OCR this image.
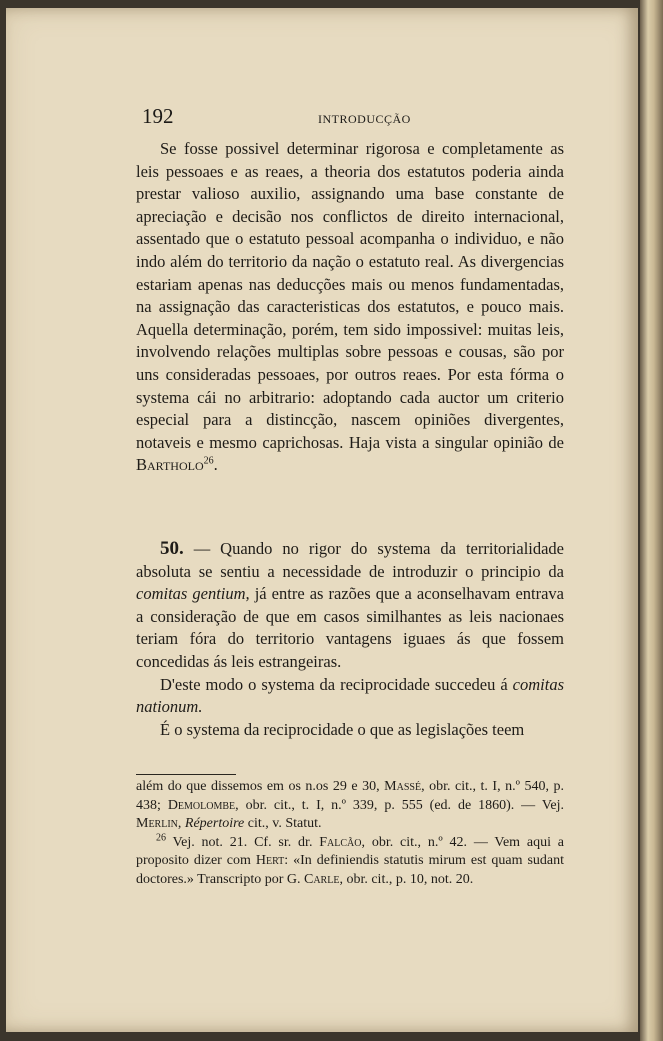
192	INTRODUCÇÃO
Se fosse possivel determinar rigorosa e completamente as leis pessoaes e as reaes, a theoria dos estatutos poderia ainda prestar valioso auxilio, assignando uma base constante de apreciação e decisão nos conflictos de direito internacional, assentado que o estatuto pessoal acompanha o individuo, e não indo além do territorio da nação o estatuto real. As divergencias estariam apenas nas deducções mais ou menos fundamentadas, na assignação das caracteristicas dos estatutos, e pouco mais. Aquella determinação, porém, tem sido impossivel: muitas leis, involvendo relações multiplas sobre pessoas e cousas, são por uns consideradas pessoaes, por outros reaes. Por esta fórma o systema cái no arbitrario: adoptando cada auctor um criterio especial para a distincção, nascem opiniões divergentes, notaveis e mesmo caprichosas. Haja vista a singular opinião de Bartholo$^{26}$.
50. — Quando no rigor do systema da territorialidade absoluta se sentiu a necessidade de introduzir o principio da comitas gentium, já entre as razões que a aconselhavam entrava a consideração de que em casos similhantes as leis nacionaes teriam fóra do territorio vantagens iguaes ás que fossem concedidas ás leis estrangeiras.
D'este modo o systema da reciprocidade succedeu á comitas nationum.
É o systema da reciprocidade o que as legislações teem

além do que dissemos em os n.os 29 e 30, Massé, obr. cit., t. I, n.º 540, p. 438; Demolombe, obr. cit., t. I, n.º 339, p. 555 (ed. de 1860). — Vej. Merlin, Répertoire cit., v. Statut.

$^{26}$ Vej. not. 21. Cf. sr. dr. Falcão, obr. cit., n.º 42. — Vem aqui a proposito dizer com Hert: «In definiendis statutis mirum est quam sudant doctores.» Transcripto por G. Carle, obr. cit., p. 10, not. 20.
